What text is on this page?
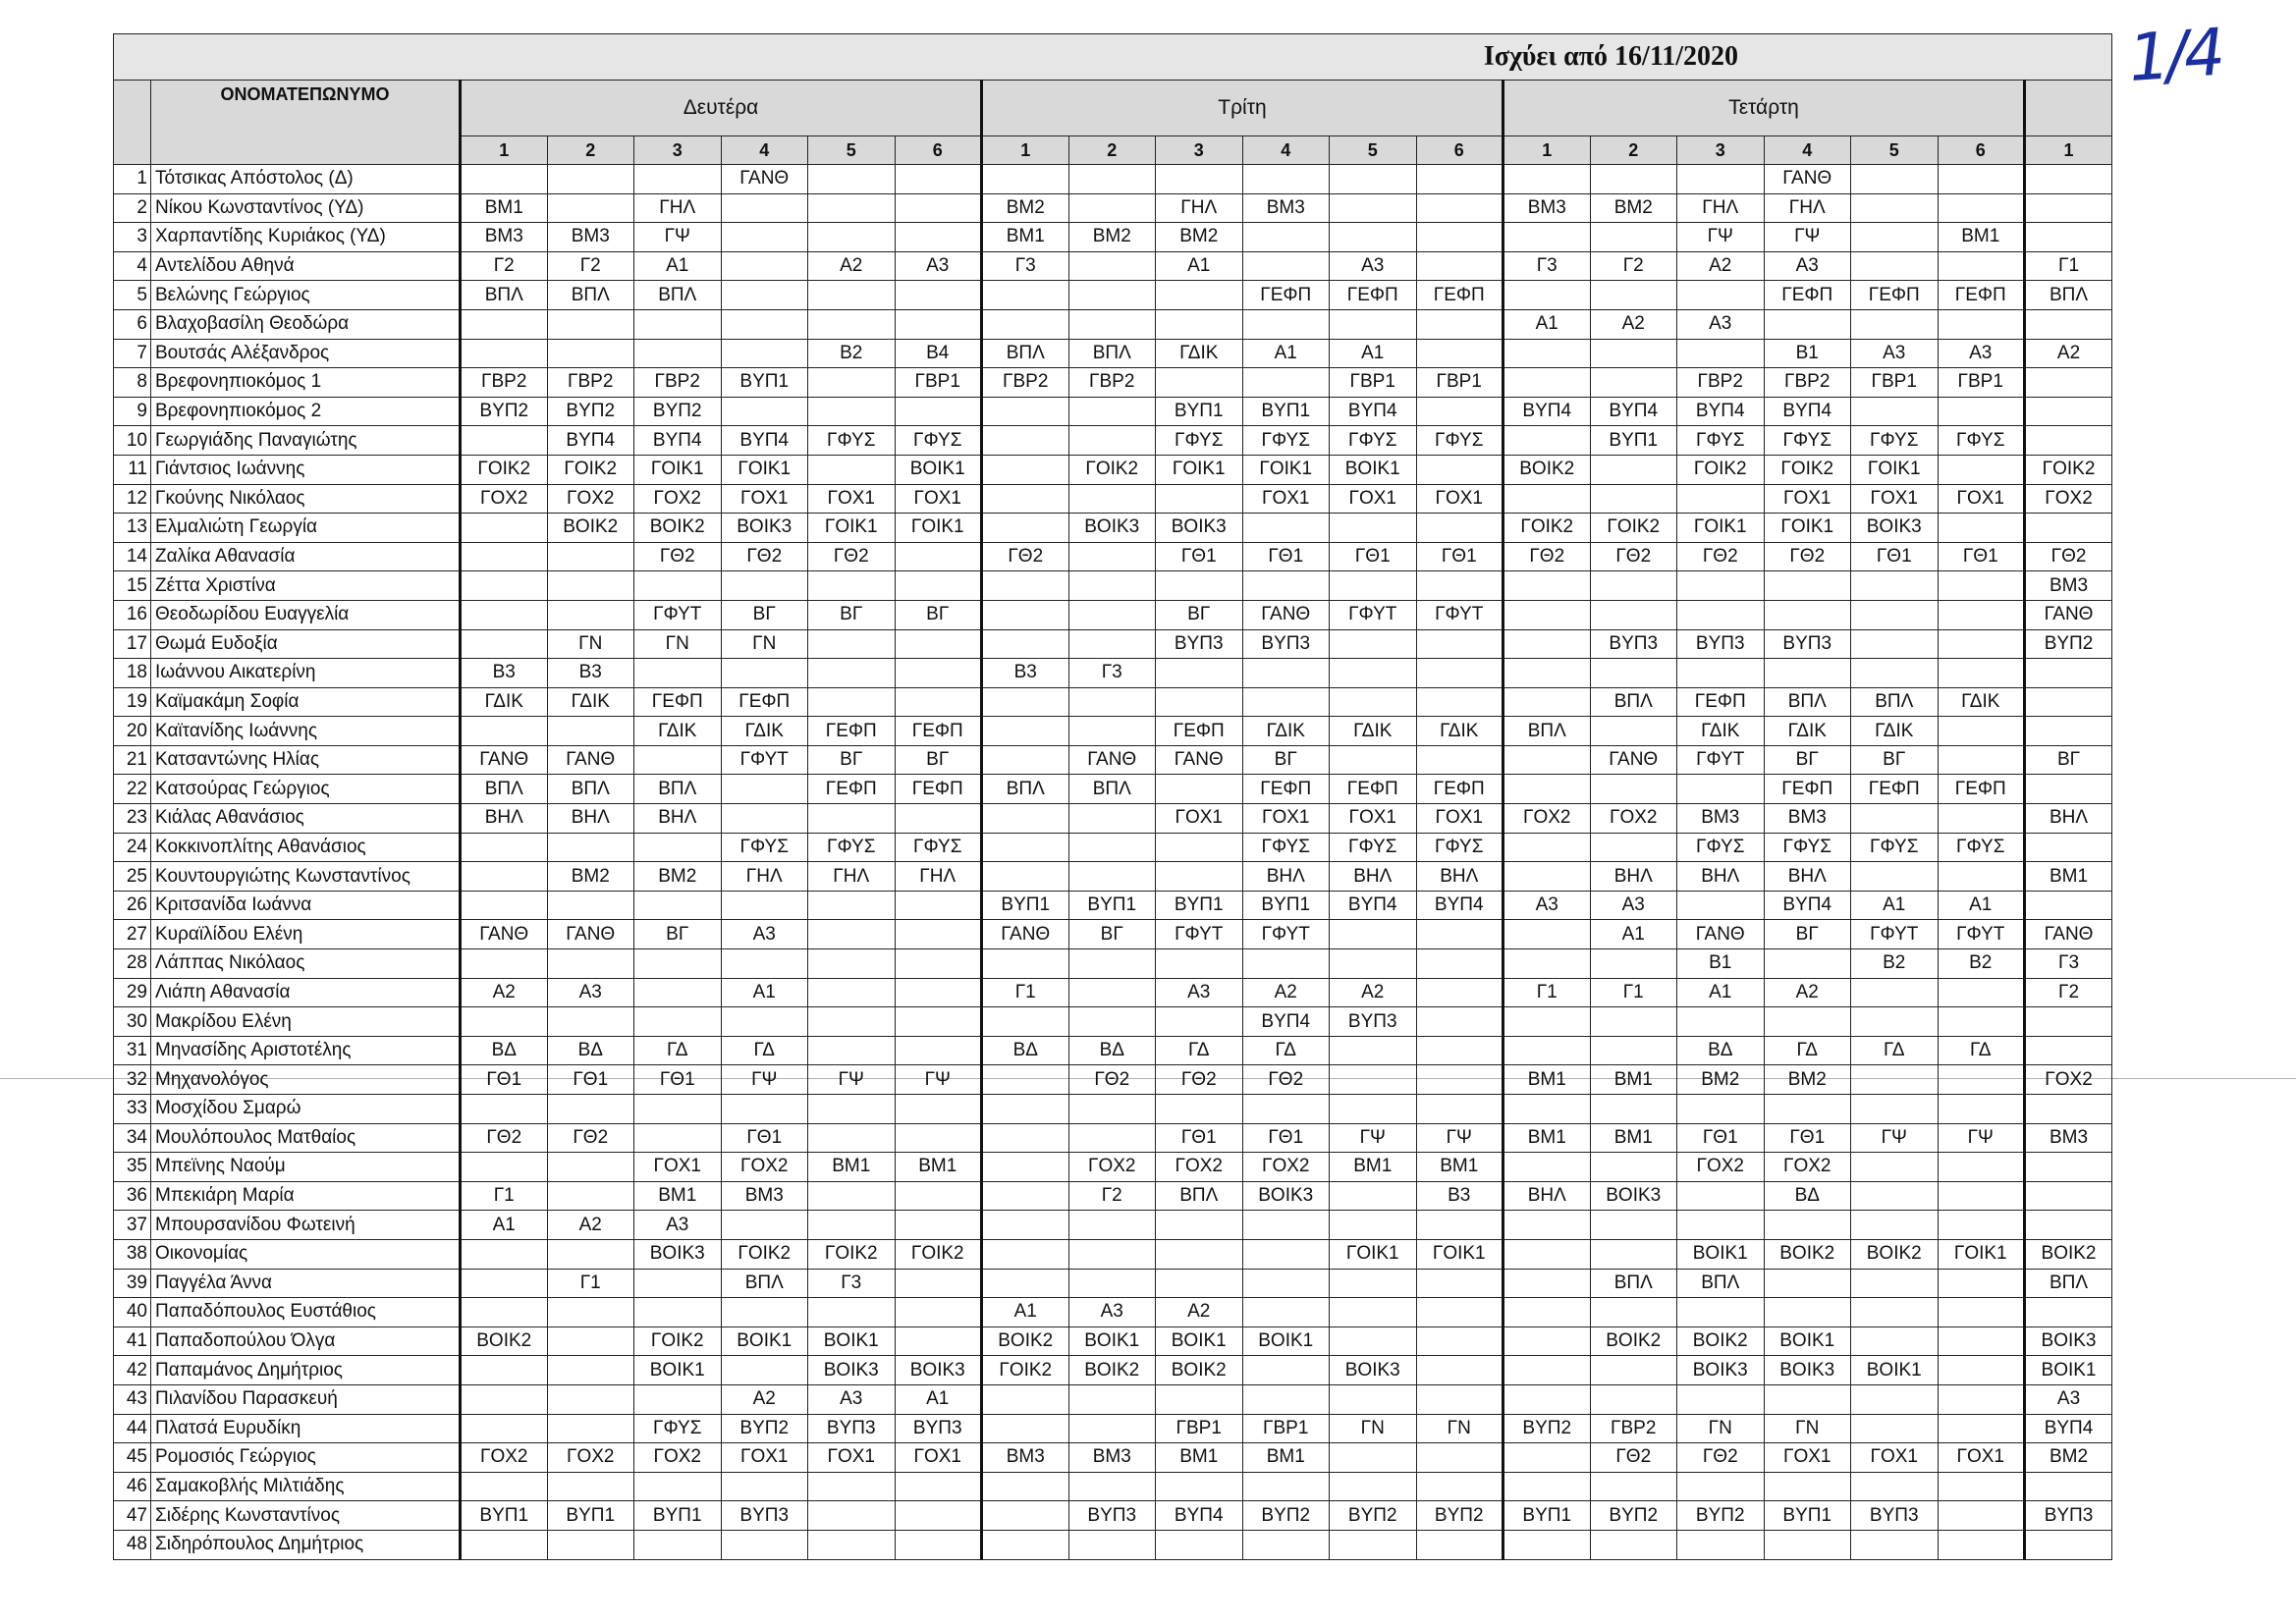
1/4
Ισχύει από 16/11/2020																				
	ΟΝΟΜΑΤΕΠΩΝΥΜΟ	Δευτέρα						Τρίτη						Τετάρτη						
		1	2	3	4	5	6	1	2	3	4	5	6	1	2	3	4	5	6	1
1	Τότσικας Απόστολος (Δ)				ΓΑΝΘ												ΓΑΝΘ			
2	Νίκου Κωνσταντίνος (ΥΔ)	ΒΜ1		ΓΗΛ				ΒΜ2		ΓΗΛ	ΒΜ3			ΒΜ3	ΒΜ2	ΓΗΛ	ΓΗΛ			
3	Χαρπαντίδης Κυριάκος (ΥΔ)	ΒΜ3	ΒΜ3	ΓΨ				ΒΜ1	ΒΜ2	ΒΜ2						ΓΨ	ΓΨ		ΒΜ1	
4	Αντελίδου Αθηνά	Γ2	Γ2	Α1		Α2	Α3	Γ3		Α1		Α3		Γ3	Γ2	Α2	Α3			Γ1
5	Βελώνης Γεώργιος	ΒΠΛ	ΒΠΛ	ΒΠΛ							ΓΕΦΠ	ΓΕΦΠ	ΓΕΦΠ				ΓΕΦΠ	ΓΕΦΠ	ΓΕΦΠ	ΒΠΛ
6	Βλαχοβασίλη Θεοδώρα													Α1	Α2	Α3				
7	Βουτσάς Αλέξανδρος					Β2	Β4	ΒΠΛ	ΒΠΛ	ΓΔΙΚ	Α1	Α1					Β1	Α3	Α3	Α2
8	Βρεφονηπιοκόμος 1	ΓΒΡ2	ΓΒΡ2	ΓΒΡ2	ΒΥΠ1		ΓΒΡ1	ΓΒΡ2	ΓΒΡ2			ΓΒΡ1	ΓΒΡ1			ΓΒΡ2	ΓΒΡ2	ΓΒΡ1	ΓΒΡ1	
9	Βρεφονηπιοκόμος 2	ΒΥΠ2	ΒΥΠ2	ΒΥΠ2						ΒΥΠ1	ΒΥΠ1	ΒΥΠ4		ΒΥΠ4	ΒΥΠ4	ΒΥΠ4	ΒΥΠ4			
10	Γεωργιάδης Παναγιώτης		ΒΥΠ4	ΒΥΠ4	ΒΥΠ4	ΓΦΥΣ	ΓΦΥΣ			ΓΦΥΣ	ΓΦΥΣ	ΓΦΥΣ	ΓΦΥΣ		ΒΥΠ1	ΓΦΥΣ	ΓΦΥΣ	ΓΦΥΣ	ΓΦΥΣ	
11	Γιάντσιος Ιωάννης	ΓΟΙΚ2	ΓΟΙΚ2	ΓΟΙΚ1	ΓΟΙΚ1		ΒΟΙΚ1		ΓΟΙΚ2	ΓΟΙΚ1	ΓΟΙΚ1	ΒΟΙΚ1		ΒΟΙΚ2		ΓΟΙΚ2	ΓΟΙΚ2	ΓΟΙΚ1		ΓΟΙΚ2
12	Γκούνης Νικόλαος	ΓΟΧ2	ΓΟΧ2	ΓΟΧ2	ΓΟΧ1	ΓΟΧ1	ΓΟΧ1				ΓΟΧ1	ΓΟΧ1	ΓΟΧ1				ΓΟΧ1	ΓΟΧ1	ΓΟΧ1	ΓΟΧ2
13	Ελμαλιώτη Γεωργία		ΒΟΙΚ2	ΒΟΙΚ2	ΒΟΙΚ3	ΓΟΙΚ1	ΓΟΙΚ1		ΒΟΙΚ3	ΒΟΙΚ3				ΓΟΙΚ2	ΓΟΙΚ2	ΓΟΙΚ1	ΓΟΙΚ1	ΒΟΙΚ3		
14	Ζαλίκα Αθανασία			ΓΘ2	ΓΘ2	ΓΘ2		ΓΘ2		ΓΘ1	ΓΘ1	ΓΘ1	ΓΘ1	ΓΘ2	ΓΘ2	ΓΘ2	ΓΘ2	ΓΘ1	ΓΘ1	ΓΘ2
15	Ζέττα Χριστίνα																			ΒΜ3
16	Θεοδωρίδου Ευαγγελία			ΓΦΥΤ	ΒΓ	ΒΓ	ΒΓ			ΒΓ	ΓΑΝΘ	ΓΦΥΤ	ΓΦΥΤ							ΓΑΝΘ
17	Θωμά Ευδοξία		ΓΝ	ΓΝ	ΓΝ					ΒΥΠ3	ΒΥΠ3				ΒΥΠ3	ΒΥΠ3	ΒΥΠ3			ΒΥΠ2
18	Ιωάννου Αικατερίνη	Β3	Β3					Β3	Γ3											
19	Καϊμακάμη Σοφία	ΓΔΙΚ	ΓΔΙΚ	ΓΕΦΠ	ΓΕΦΠ										ΒΠΛ	ΓΕΦΠ	ΒΠΛ	ΒΠΛ	ΓΔΙΚ	
20	Καϊτανίδης Ιωάννης			ΓΔΙΚ	ΓΔΙΚ	ΓΕΦΠ	ΓΕΦΠ			ΓΕΦΠ	ΓΔΙΚ	ΓΔΙΚ	ΓΔΙΚ	ΒΠΛ		ΓΔΙΚ	ΓΔΙΚ	ΓΔΙΚ		
21	Κατσαντώνης Ηλίας	ΓΑΝΘ	ΓΑΝΘ		ΓΦΥΤ	ΒΓ	ΒΓ		ΓΑΝΘ	ΓΑΝΘ	ΒΓ				ΓΑΝΘ	ΓΦΥΤ	ΒΓ	ΒΓ		ΒΓ
22	Κατσούρας Γεώργιος	ΒΠΛ	ΒΠΛ	ΒΠΛ		ΓΕΦΠ	ΓΕΦΠ	ΒΠΛ	ΒΠΛ		ΓΕΦΠ	ΓΕΦΠ	ΓΕΦΠ				ΓΕΦΠ	ΓΕΦΠ	ΓΕΦΠ	
23	Κιάλας Αθανάσιος	ΒΗΛ	ΒΗΛ	ΒΗΛ						ΓΟΧ1	ΓΟΧ1	ΓΟΧ1	ΓΟΧ1	ΓΟΧ2	ΓΟΧ2	ΒΜ3	ΒΜ3			ΒΗΛ
24	Κοκκινοπλίτης Αθανάσιος				ΓΦΥΣ	ΓΦΥΣ	ΓΦΥΣ				ΓΦΥΣ	ΓΦΥΣ	ΓΦΥΣ			ΓΦΥΣ	ΓΦΥΣ	ΓΦΥΣ	ΓΦΥΣ	
25	Κουντουργιώτης Κωνσταντίνος		ΒΜ2	ΒΜ2	ΓΗΛ	ΓΗΛ	ΓΗΛ				ΒΗΛ	ΒΗΛ	ΒΗΛ		ΒΗΛ	ΒΗΛ	ΒΗΛ			ΒΜ1
26	Κριτσανίδα Ιωάννα							ΒΥΠ1	ΒΥΠ1	ΒΥΠ1	ΒΥΠ1	ΒΥΠ4	ΒΥΠ4	Α3	Α3		ΒΥΠ4	Α1	Α1	
27	Κυραϊλίδου Ελένη	ΓΑΝΘ	ΓΑΝΘ	ΒΓ	Α3			ΓΑΝΘ	ΒΓ	ΓΦΥΤ	ΓΦΥΤ				Α1	ΓΑΝΘ	ΒΓ	ΓΦΥΤ	ΓΦΥΤ	ΓΑΝΘ
28	Λάππας Νικόλαος															Β1		Β2	Β2	Γ3
29	Λιάπη Αθανασία	Α2	Α3		Α1			Γ1		Α3	Α2	Α2		Γ1	Γ1	Α1	Α2			Γ2
30	Μακρίδου Ελένη										ΒΥΠ4	ΒΥΠ3								
31	Μηνασίδης Αριστοτέλης	ΒΔ	ΒΔ	ΓΔ	ΓΔ			ΒΔ	ΒΔ	ΓΔ	ΓΔ					ΒΔ	ΓΔ	ΓΔ	ΓΔ	
32	Μηχανολόγος	ΓΘ1	ΓΘ1	ΓΘ1	ΓΨ	ΓΨ	ΓΨ		ΓΘ2	ΓΘ2	ΓΘ2			ΒΜ1	ΒΜ1	ΒΜ2	ΒΜ2			ΓΟΧ2
33	Μοσχίδου Σμαρώ																			
34	Μουλόπουλος Ματθαίος	ΓΘ2	ΓΘ2		ΓΘ1					ΓΘ1	ΓΘ1	ΓΨ	ΓΨ	ΒΜ1	ΒΜ1	ΓΘ1	ΓΘ1	ΓΨ	ΓΨ	ΒΜ3
35	Μπεϊνης Ναούμ			ΓΟΧ1	ΓΟΧ2	ΒΜ1	ΒΜ1		ΓΟΧ2	ΓΟΧ2	ΓΟΧ2	ΒΜ1	ΒΜ1			ΓΟΧ2	ΓΟΧ2			
36	Μπεκιάρη Μαρία	Γ1		ΒΜ1	ΒΜ3				Γ2	ΒΠΛ	ΒΟΙΚ3		Β3	ΒΗΛ	ΒΟΙΚ3		ΒΔ			
37	Μπουρσανίδου Φωτεινή	Α1	Α2	Α3																
38	Οικονομίας			ΒΟΙΚ3	ΓΟΙΚ2	ΓΟΙΚ2	ΓΟΙΚ2					ΓΟΙΚ1	ΓΟΙΚ1			ΒΟΙΚ1	ΒΟΙΚ2	ΒΟΙΚ2	ΓΟΙΚ1	ΒΟΙΚ2
39	Παγγέλα Άννα		Γ1		ΒΠΛ	Γ3									ΒΠΛ	ΒΠΛ				ΒΠΛ
40	Παπαδόπουλος Ευστάθιος							Α1	Α3	Α2										
41	Παπαδοπούλου Όλγα	ΒΟΙΚ2		ΓΟΙΚ2	ΒΟΙΚ1	ΒΟΙΚ1		ΒΟΙΚ2	ΒΟΙΚ1	ΒΟΙΚ1	ΒΟΙΚ1				ΒΟΙΚ2	ΒΟΙΚ2	ΒΟΙΚ1			ΒΟΙΚ3
42	Παπαμάνος Δημήτριος			ΒΟΙΚ1		ΒΟΙΚ3	ΒΟΙΚ3	ΓΟΙΚ2	ΒΟΙΚ2	ΒΟΙΚ2		ΒΟΙΚ3				ΒΟΙΚ3	ΒΟΙΚ3	ΒΟΙΚ1		ΒΟΙΚ1
43	Πιλανίδου Παρασκευή				Α2	Α3	Α1													Α3
44	Πλατσά Ευρυδίκη			ΓΦΥΣ	ΒΥΠ2	ΒΥΠ3	ΒΥΠ3			ΓΒΡ1	ΓΒΡ1	ΓΝ	ΓΝ	ΒΥΠ2	ΓΒΡ2	ΓΝ	ΓΝ			ΒΥΠ4
45	Ρομοσιός Γεώργιος	ΓΟΧ2	ΓΟΧ2	ΓΟΧ2	ΓΟΧ1	ΓΟΧ1	ΓΟΧ1	ΒΜ3	ΒΜ3	ΒΜ1	ΒΜ1				ΓΘ2	ΓΘ2	ΓΟΧ1	ΓΟΧ1	ΓΟΧ1	ΒΜ2
46	Σαμακοβλής Μιλτιάδης																			
47	Σιδέρης Κωνσταντίνος	ΒΥΠ1	ΒΥΠ1	ΒΥΠ1	ΒΥΠ3				ΒΥΠ3	ΒΥΠ4	ΒΥΠ2	ΒΥΠ2	ΒΥΠ2	ΒΥΠ1	ΒΥΠ2	ΒΥΠ2	ΒΥΠ1	ΒΥΠ3		ΒΥΠ3
48	Σιδηρόπουλος Δημήτριος																			
